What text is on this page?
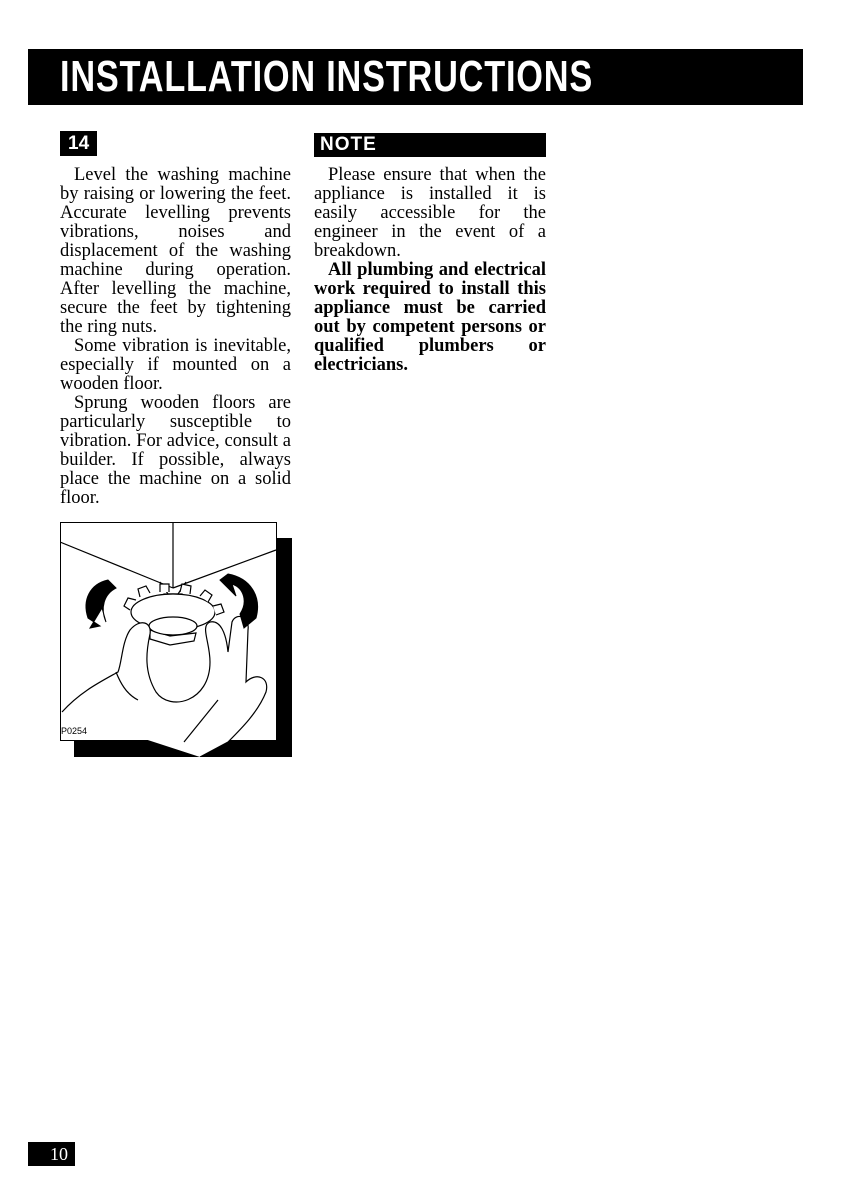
INSTALLATION INSTRUCTIONS
14	NOTE

Level the washing machine by raising or lowering the feet. Accurate levelling prevents vibrations, noises and displacement of the washing machine during operation. After levelling the machine, secure the feet by tightening the ring nuts.

Some vibration is inevitable, especially if mounted on a wooden floor.

Sprung wooden floors are particularly susceptible to vibration. For advice, consult a builder. If possible, always place the machine on a solid floor.

Please ensure that when the appliance is installed it is easily accessible for the engineer in the event of a breakdown.

All plumbing and electrical work required to install this appliance must be carried out by competent persons or qualified plumbers or electricians.

P0254
10
